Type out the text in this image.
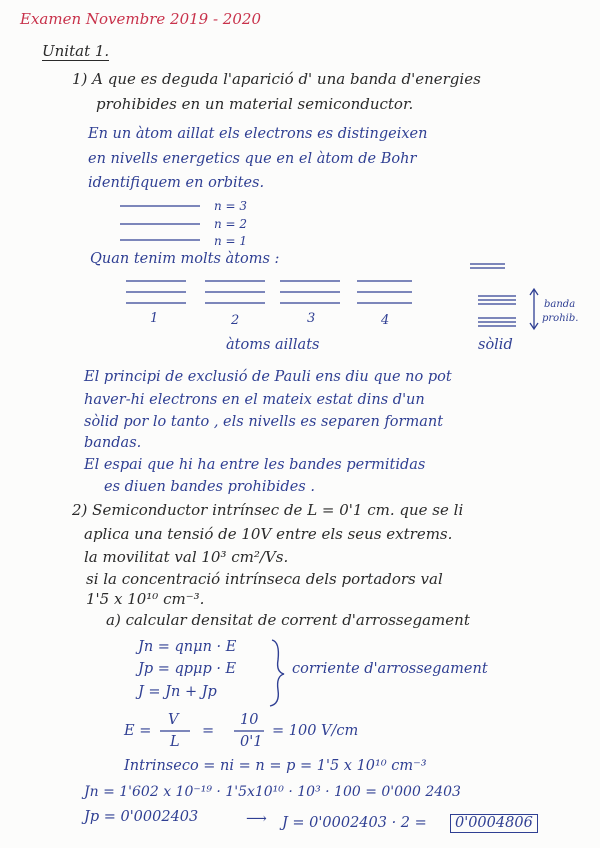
Examen Novembre 2019 - 2020
Unitat 1.
1) A que es deguda l'aparició d' una banda d'energies
prohibides en un material semiconductor.
En un àtom aillat els electrons es distingeixen
en nivells energetics que en el àtom de Bohr
identifiquem en orbites.
n = 3
n = 2
n = 1
Quan tenim molts àtoms :
1	2	3	4
àtoms aillats	sòlid
banda
prohib.
El principi de exclusió de Pauli ens diu que no pot
haver-hi electrons en el mateix estat dins d'un
sòlid por lo tanto , els nivells es separen formant
bandas.
El espai que hi ha entre les bandes permitidas
es diuen bandes prohibides .
2) Semiconductor intrínsec de L = 0'1 cm. que se li
aplica una tensió de 10V entre els seus extrems.
la movilitat val 10³ cm²/Vs.
si la concentració intrínseca dels portadors val
1'5 x 10¹⁰ cm⁻³.
a) calcular densitat de corrent d'arrossegament
Jn = qnμn · E
Jp = qpμp · E
J = Jn + Jp
corriente d'arrossegament
E =
V
L
=
10
0'1
= 100 V/cm
Intrinseco = ni = n = p = 1'5 x 10¹⁰ cm⁻³
Jn = 1'602 x 10⁻¹⁹ · 1'5x10¹⁰ · 10³ · 100 = 0'000 2403
Jp = 0'0002403	⟶ J = 0'0002403 · 2 =	0'0004806
